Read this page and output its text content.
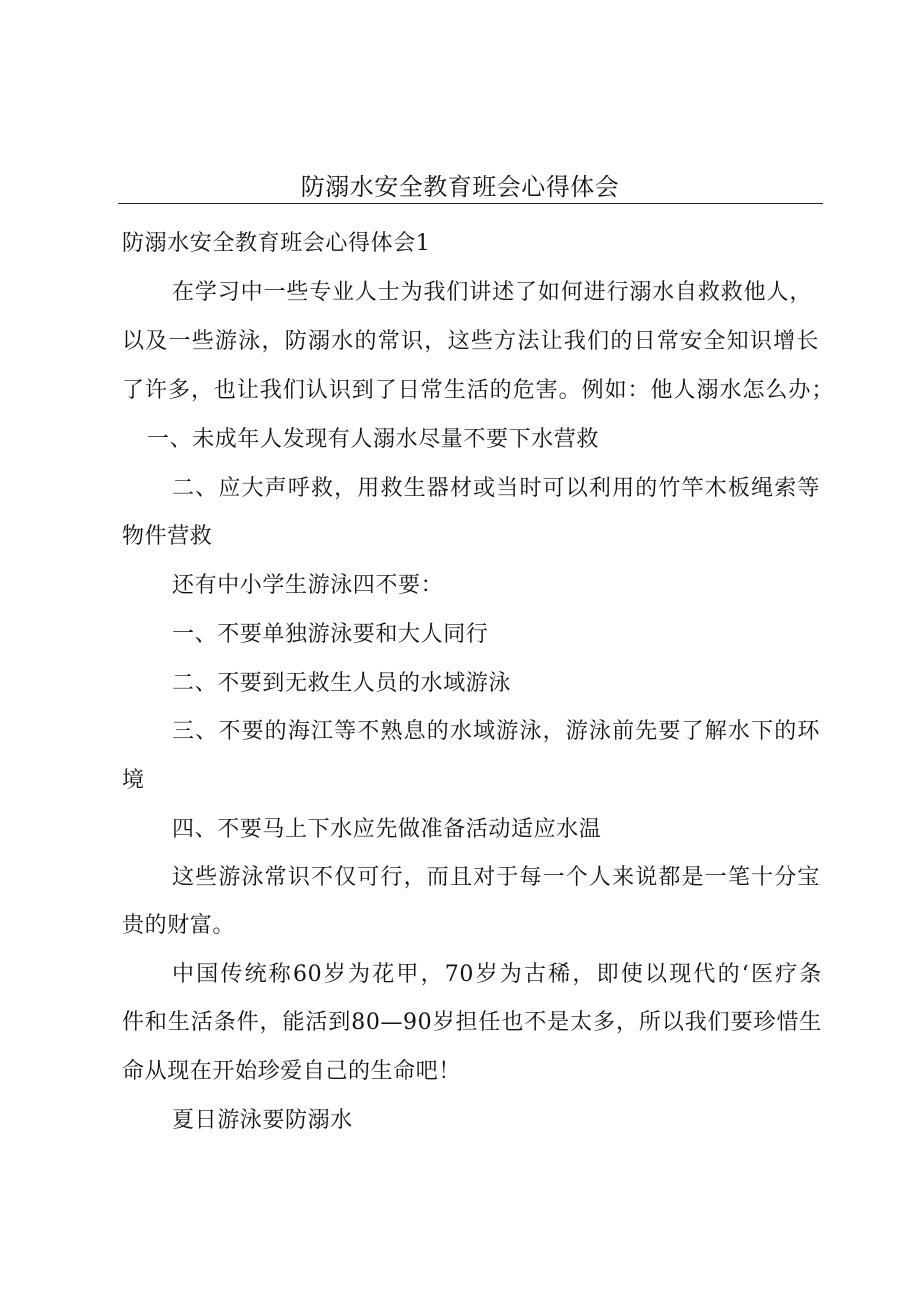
防溺水安全教育班会心得体会
防溺水安全教育班会心得体会1
在学习中一些专业人士为我们讲述了如何进行溺水自救救他人，
以及一些游泳，防溺水的常识，这些方法让我们的日常安全知识增长
了许多，也让我们认识到了日常生活的危害。例如：他人溺水怎么办；
一、未成年人发现有人溺水尽量不要下水营救
二、应大声呼救，用救生器材或当时可以利用的竹竿木板绳索等
物件营救
还有中小学生游泳四不要：
一、不要单独游泳要和大人同行
二、不要到无救生人员的水域游泳
三、不要的海江等不熟息的水域游泳，游泳前先要了解水下的环
境
四、不要马上下水应先做准备活动适应水温
这些游泳常识不仅可行，而且对于每一个人来说都是一笔十分宝
贵的财富。
中国传统称60岁为花甲，70岁为古稀，即使以现代的‘医疗条
件和生活条件，能活到80—90岁担任也不是太多，所以我们要珍惜生
命从现在开始珍爱自己的生命吧！
夏日游泳要防溺水
